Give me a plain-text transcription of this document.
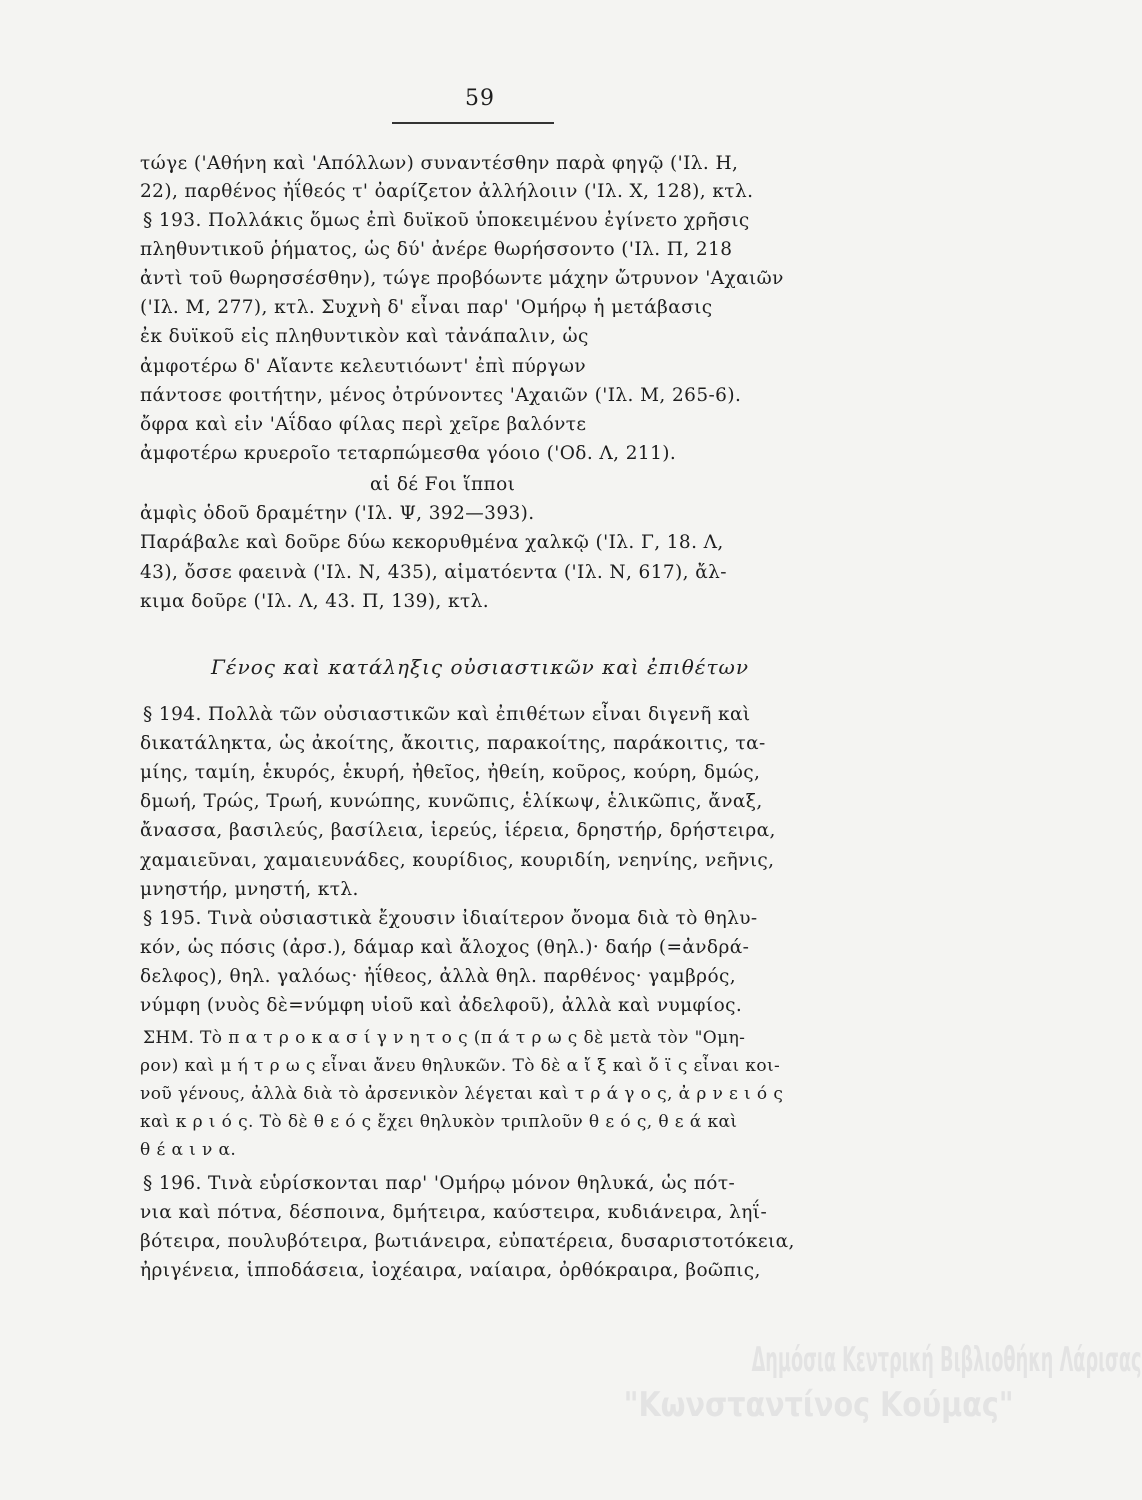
59
τώγε ('Αθήνη καὶ 'Απόλλων) συναντέσθην παρὰ φηγῷ ('Ιλ. Η,
22), παρθένος ἠΐθεός τ' ὀαρίζετον ἀλλήλοιιν ('Ιλ. Χ, 128), κτλ.
§ 193. Πολλάκις ὅμως ἐπὶ δυϊκοῦ ὑποκειμένου ἐγίνετο χρῆσις
πληθυντικοῦ ῥήματος, ὡς δύ' ἀνέρε θωρήσσοντο ('Ιλ. Π, 218
ἀντὶ τοῦ θωρησσέσθην), τώγε προβόωντε μάχην ὤτρυνον 'Αχαιῶν
('Ιλ. Μ, 277), κτλ. Συχνὴ δ' εἶναι παρ' 'Ομήρῳ ἡ μετάβασις
ἐκ δυϊκοῦ εἰς πληθυντικὸν καὶ τἀνάπαλιν, ὡς
ἀμφοτέρω δ' Αἴαντε κελευτιόωντ' ἐπὶ πύργων
πάντοσε φοιτήτην, μένος ὀτρύνοντες 'Αχαιῶν ('Ιλ. Μ, 265-6).
ὄφρα καὶ εἰν 'Αΐδαο φίλας περὶ χεῖρε βαλόντε
ἀμφοτέρω κρυεροῖο τεταρπώμεσθα γόοιο ('Οδ. Λ, 211).
αἱ δέ Fοι ἵπποι
ἀμφὶς ὁδοῦ δραμέτην ('Ιλ. Ψ, 392—393).
Παράβαλε καὶ δοῦρε δύω κεκορυθμένα χαλκῷ ('Ιλ. Γ, 18. Λ,
43), ὄσσε φαεινὰ ('Ιλ. Ν, 435), αἱματόεντα ('Ιλ. Ν, 617), ἄλ-
κιμα δοῦρε ('Ιλ. Λ, 43. Π, 139), κτλ.
Γένος καὶ κατάληξις οὐσιαστικῶν καὶ ἐπιθέτων
§ 194. Πολλὰ τῶν οὐσιαστικῶν καὶ ἐπιθέτων εἶναι διγενῆ καὶ
δικατάληκτα, ὡς ἀκοίτης, ἄκοιτις, παρακοίτης, παράκοιτις, τα-
μίης, ταμίη, ἑκυρός, ἑκυρή, ἠθεῖος, ἠθείη, κοῦρος, κούρη, δμώς,
δμωή, Τρώς, Τρωή, κυνώπης, κυνῶπις, ἑλίκωψ, ἑλικῶπις, ἄναξ,
ἄνασσα, βασιλεύς, βασίλεια, ἱερεύς, ἱέρεια, δρηστήρ, δρήστειρα,
χαμαιεῦναι, χαμαιευνάδες, κουρίδιος, κουριδίη, νεηνίης, νεῆνις,
μνηστήρ, μνηστή, κτλ.
§ 195. Τινὰ οὐσιαστικὰ ἔχουσιν ἰδιαίτερον ὄνομα διὰ τὸ θηλυ-
κόν, ὡς πόσις (ἀρσ.), δάμαρ καὶ ἄλοχος (θηλ.)· δαήρ (=ἀνδρά-
δελφος), θηλ. γαλόως· ἠΐθεος, ἀλλὰ θηλ. παρθένος· γαμβρός,
νύμφη (νυὸς δὲ=νύμφη υἱοῦ καὶ ἀδελφοῦ), ἀλλὰ καὶ νυμφίος.
ΣΗΜ. Τὸ π α τ ρ ο κ α σ ί γ ν η τ ο ς (π ά τ ρ ω ς δὲ μετὰ τὸν "Ομη-
ρον) καὶ μ ή τ ρ ω ς εἶναι ἄνευ θηλυκῶν. Τὸ δὲ α ἴ ξ καὶ ὄ ϊ ς εἶναι κοι-
νοῦ γένους, ἀλλὰ διὰ τὸ ἀρσενικὸν λέγεται καὶ τ ρ ά γ ο ς, ἀ ρ ν ε ι ό ς
καὶ κ ρ ι ό ς. Τὸ δὲ θ ε ό ς ἔχει θηλυκὸν τριπλοῦν θ ε ό ς, θ ε ά καὶ
θ έ α ι ν α.
§ 196. Τινὰ εὑρίσκονται παρ' 'Ομήρῳ μόνον θηλυκά, ὡς πότ-
νια καὶ πότνα, δέσποινα, δμήτειρα, καύστειρα, κυδιάνειρα, ληΐ-
βότειρα, πουλυβότειρα, βωτιάνειρα, εὐπατέρεια, δυσαριστοτόκεια,
ἠριγένεια, ἱπποδάσεια, ἰοχέαιρα, ναίαιρα, ὀρθόκραιρα, βοῶπις,
Δημόσια Κεντρική Βιβλιοθήκη Λάρισας
"Κωνσταντίνος Κούμας"
